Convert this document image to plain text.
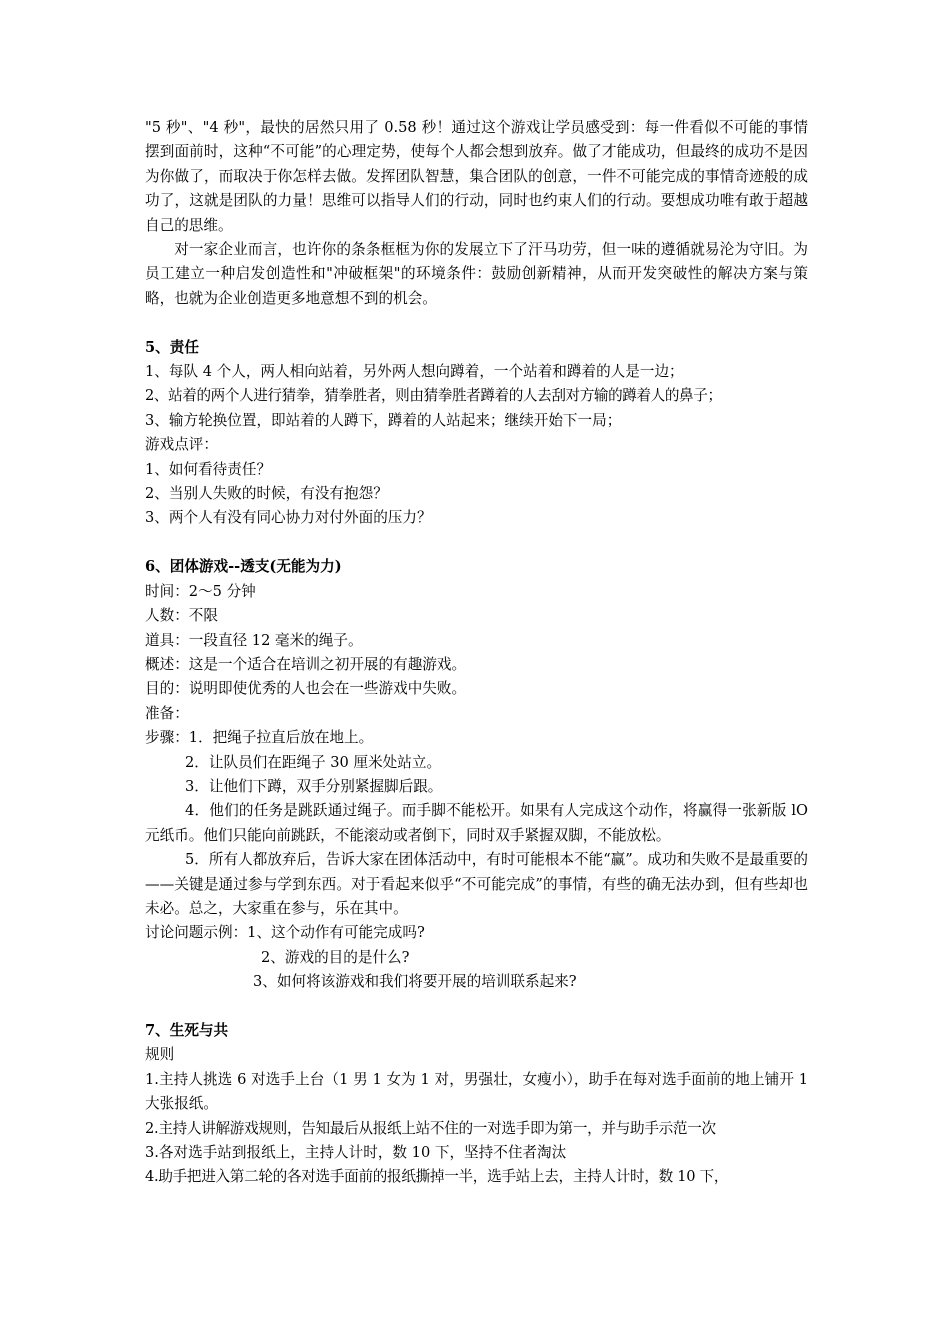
"5 秒"、"4 秒"，最快的居然只用了 0.58 秒！通过这个游戏让学员感受到：每一件看似不可能的事情摆到面前时，这种“不可能”的心理定势，使每个人都会想到放弃。做了才能成功，但最终的成功不是因为你做了，而取决于你怎样去做。发挥团队智慧，集合团队的创意，一件不可能完成的事情奇迹般的成功了，这就是团队的力量！思维可以指导人们的行动，同时也约束人们的行动。要想成功唯有敢于超越自己的思维。

对一家企业而言，也许你的条条框框为你的发展立下了汗马功劳，但一味的遵循就易沦为守旧。为员工建立一种启发创造性和"冲破框架"的环境条件：鼓励创新精神，从而开发突破性的解决方案与策略，也就为企业创造更多地意想不到的机会。

5、责任

1、每队 4 个人，两人相向站着，另外两人想向蹲着，一个站着和蹲着的人是一边；

2、站着的两个人进行猜拳，猜拳胜者，则由猜拳胜者蹲着的人去刮对方输的蹲着人的鼻子；

3、输方轮换位置，即站着的人蹲下，蹲着的人站起来；继续开始下一局；

游戏点评：

1、如何看待责任？

2、当别人失败的时候，有没有抱怨？

3、两个人有没有同心协力对付外面的压力？

6、团体游戏--透支(无能为力)

时间：2～5 分钟

人数：不限

道具：一段直径 12 毫米的绳子。

概述：这是一个适合在培训之初开展的有趣游戏。

目的：说明即使优秀的人也会在一些游戏中失败。

准备：

步骤：1．把绳子拉直后放在地上。

2．让队员们在距绳子 30 厘米处站立。

3．让他们下蹲，双手分别紧握脚后跟。

4．他们的任务是跳跃通过绳子。而手脚不能松开。如果有人完成这个动作，将赢得一张新版 lO 元纸币。他们只能向前跳跃，不能滚动或者倒下，同时双手紧握双脚，不能放松。

5．所有人都放弃后，告诉大家在团体活动中，有时可能根本不能“赢”。成功和失败不是最重要的——关键是通过参与学到东西。对于看起来似乎“不可能完成”的事情，有些的确无法办到，但有些却也未必。总之，大家重在参与，乐在其中。

讨论问题示例：1、这个动作有可能完成吗?

2、游戏的目的是什么?

3、如何将该游戏和我们将要开展的培训联系起来?

7、生死与共

规则

1.主持人挑选 6 对选手上台（1 男 1 女为 1 对，男强壮，女瘦小），助手在每对选手面前的地上铺开 1 大张报纸。

2.主持人讲解游戏规则，告知最后从报纸上站不住的一对选手即为第一，并与助手示范一次

3.各对选手站到报纸上，主持人计时，数 10 下，坚持不住者淘汰

4.助手把进入第二轮的各对选手面前的报纸撕掉一半，选手站上去，主持人计时，数 10 下，
